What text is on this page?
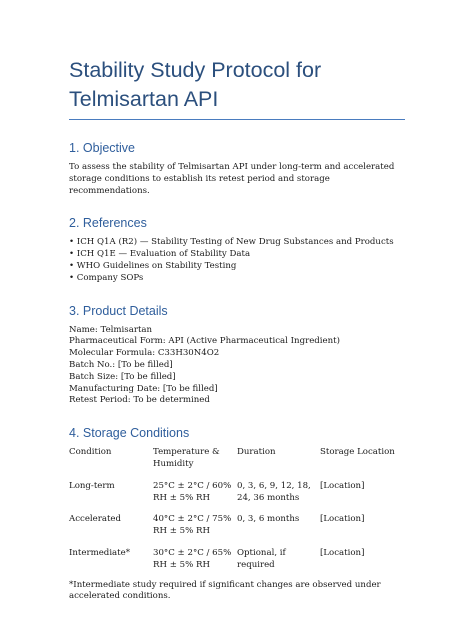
Stability Study Protocol for Telmisartan API
1. Objective

To assess the stability of Telmisartan API under long-term and accelerated storage conditions to establish its retest period and storage recommendations.

2. References
• ICH Q1A (R2) — Stability Testing of New Drug Substances and Products
• ICH Q1E — Evaluation of Stability Data
• WHO Guidelines on Stability Testing
• Company SOPs
3. Product Details

Name: Telmisartan

Pharmaceutical Form: API (Active Pharmaceutical Ingredient)

Molecular Formula: C33H30N4O2

Batch No.: [To be filled]

Batch Size: [To be filled]

Manufacturing Date: [To be filled]

Retest Period: To be determined

4. Storage Conditions
Condition	Temperature & Humidity	Duration	Storage Location
Long-term	25°C ± 2°C / 60% RH ± 5% RH	0, 3, 6, 9, 12, 18, 24, 36 months	[Location]
Accelerated	40°C ± 2°C / 75% RH ± 5% RH	0, 3, 6 months	[Location]
Intermediate*	30°C ± 2°C / 65% RH ± 5% RH	Optional, if required	[Location]

*Intermediate study required if significant changes are observed under accelerated conditions.
